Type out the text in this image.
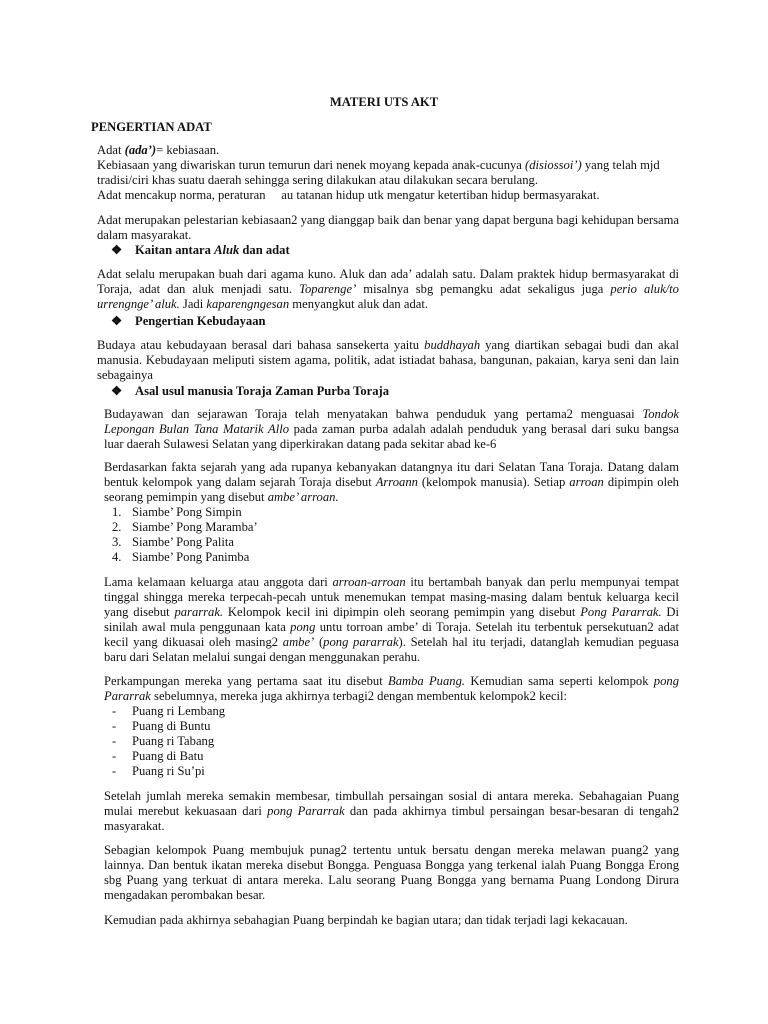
MATERI UTS AKT
PENGERTIAN ADAT

Adat (ada’)= kebiasaan.

Kebiasaan yang diwariskan turun temurun dari nenek moyang kepada anak-cucunya (disiossoi’) yang telah mjd tradisi/ciri khas suatu daerah sehingga sering dilakukan atau dilakukan secara berulang.

Adat mencakup norma, peraturan     au tatanan hidup utk mengatur ketertiban hidup bermasyarakat.

Adat merupakan pelestarian kebiasaan2 yang dianggap baik dan benar yang dapat berguna bagi kehidupan bersama dalam masyarakat.

❖ Kaitan antara Aluk dan adat

Adat selalu merupakan buah dari agama kuno. Aluk dan ada’ adalah satu. Dalam praktek hidup bermasyarakat di Toraja, adat dan aluk menjadi satu. Toparenge’ misalnya sbg pemangku adat sekaligus juga perio aluk/to urrengnge’ aluk. Jadi kaparengngesan menyangkut aluk dan adat.

❖ Pengertian Kebudayaan

Budaya atau kebudayaan berasal dari bahasa sansekerta yaitu buddhayah yang diartikan sebagai budi dan akal manusia. Kebudayaan meliputi sistem agama, politik, adat istiadat bahasa, bangunan, pakaian, karya seni dan lain sebagainya

❖ Asal usul manusia Toraja Zaman Purba Toraja

Budayawan dan sejarawan Toraja telah menyatakan bahwa penduduk yang pertama2 menguasai Tondok Lepongan Bulan Tana Matarik Allo pada zaman purba adalah adalah penduduk yang berasal dari suku bangsa luar daerah Sulawesi Selatan yang diperkirakan datang pada sekitar abad ke-6

Berdasarkan fakta sejarah yang ada rupanya kebanyakan datangnya itu dari Selatan Tana Toraja. Datang dalam bentuk kelompok yang dalam sejarah Toraja disebut Arroann (kelompok manusia). Setiap arroan dipimpin oleh seorang pemimpin yang disebut ambe’ arroan.

1. Siambe’ Pong Simpin
2. Siambe’ Pong Maramba’
3. Siambe’ Pong Palita
4. Siambe’ Pong Panimba

Lama kelamaan keluarga atau anggota dari arroan-arroan itu bertambah banyak dan perlu mempunyai tempat tinggal shingga mereka terpecah-pecah untuk menemukan tempat masing-masing dalam bentuk keluarga kecil yang disebut pararrak. Kelompok kecil ini dipimpin oleh seorang pemimpin yang disebut Pong Pararrak. Di sinilah awal mula penggunaan kata pong untu torroan ambe’ di Toraja. Setelah itu terbentuk persekutuan2 adat kecil yang dikuasai oleh masing2 ambe’ (pong pararrak). Setelah hal itu terjadi, datanglah kemudian peguasa baru dari Selatan melalui sungai dengan menggunakan perahu.

Perkampungan mereka yang pertama saat itu disebut Bamba Puang. Kemudian sama seperti kelompok pong Pararrak sebelumnya, mereka juga akhirnya terbagi2 dengan membentuk kelompok2 kecil:

- Puang ri Lembang
- Puang di Buntu
- Puang ri Tabang
- Puang di Batu
- Puang ri Su’pi

Setelah jumlah mereka semakin membesar, timbullah persaingan sosial di antara mereka. Sebahagaian Puang mulai merebut kekuasaan dari pong Pararrak dan pada akhirnya timbul persaingan besar-besaran di tengah2 masyarakat.

Sebagian kelompok Puang membujuk punag2 tertentu untuk bersatu dengan mereka melawan puang2 yang lainnya. Dan bentuk ikatan mereka disebut Bongga. Penguasa Bongga yang terkenal ialah Puang Bongga Erong sbg Puang yang terkuat di antara mereka. Lalu seorang Puang Bongga yang bernama Puang Londong Dirura mengadakan perombakan besar.

Kemudian pada akhirnya sebahagian Puang berpindah ke bagian utara; dan tidak terjadi lagi kekacauan.
